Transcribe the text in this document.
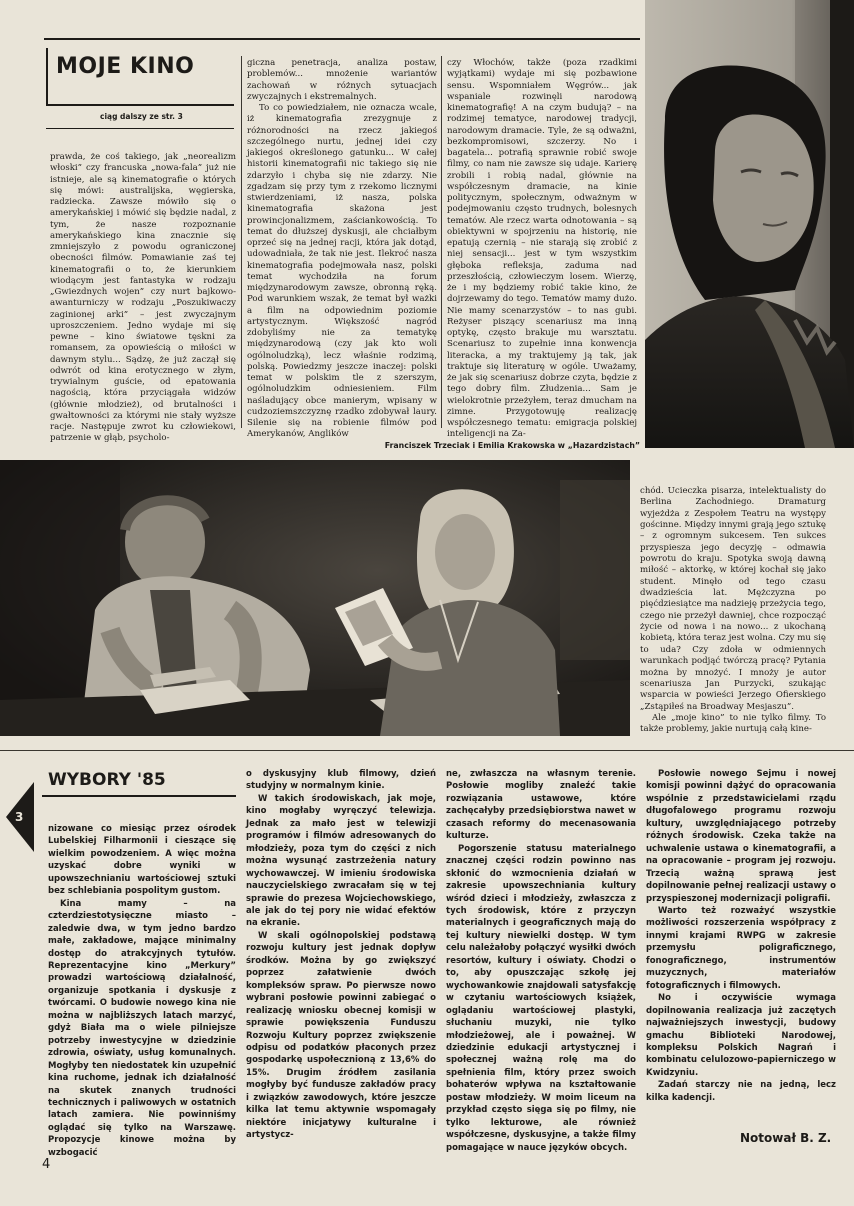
MOJE KINO
ciąg dalszy ze str. 3

prawda, że coś takiego, jak „neorealizm włoski” czy francuska „nowa-fala” już nie istnieje, ale są kinematografie o których się mówi: australijska, węgierska, radziecka. Zawsze mówiło się o amerykańskiej i mówić się będzie nadal, z tym, że nasze rozpoznanie amerykańskiego kina znacznie się zmniejszyło z powodu ograniczonej obecności filmów. Pomawianie zaś tej kinematografii o to, że kierunkiem wiodącym jest fantastyka w rodzaju „Gwiezdnych wojen” czy nurt bajkowo-awanturniczy w rodzaju „Poszukiwaczy zaginionej arki” – jest zwyczajnym uproszczeniem. Jedno wydaje mi się pewne – kino światowe tęskni za romansem, za opowieścią o miłości w dawnym stylu... Sądzę, że już zaczął się odwrót od kina erotycznego w złym, trywialnym guście, od epatowania nagością, która przyciągała widzów (głównie młodzież), od brutalności i gwałtowności za którymi nie stały wyższe racje. Następuje zwrot ku człowiekowi, patrzenie w głąb, psycholo-

giczna penetracja, analiza postaw, problemów... mnożenie wariantów zachowań w różnych sytuacjach zwyczajnych i ekstremalnych.

To co powiedziałem, nie oznacza wcale, iż kinematografia zrezygnuje z różnorodności na rzecz jakiegoś szczególnego nurtu, jednej idei czy jakiegoś określonego gatunku... W całej historii kinematografii nic takiego się nie zdarzyło i chyba się nie zdarzy. Nie zgadzam się przy tym z rzekomo licznymi stwierdzeniami, iż nasza, polska kinematografia skażona jest prowincjonalizmem, zaściankowością. To temat do dłuższej dyskusji, ale chciałbym oprzeć się na jednej racji, która jak dotąd, udowadniała, że tak nie jest. Ilekroć nasza kinematografia podejmowała nasz, polski temat wychodziła na forum międzynarodowym zawsze, obronną ręką. Pod warunkiem wszak, że temat był ważki a film na odpowiednim poziomie artystycznym. Większość nagród zdobyliśmy nie za tematykę międzynarodową (czy jak kto woli ogólnoludzką), lecz właśnie rodzimą, polską. Powiedzmy jeszcze inaczej: polski temat w polskim tle z szerszym, ogólnoludzkim odniesieniem. Film naśladujący obce manierym, wpisany w cudzoziemszczyznę rzadko zdobywał laury. Silenie się na robienie filmów pod Amerykanów, Anglików

czy Włochów, także (poza rzadkimi wyjątkami) wydaje mi się pozbawione sensu. Wspomniałem Węgrów... jak wspaniale rozwinęli narodową kinematografię! A na czym budują? – na rodzimej tematyce, narodowej tradycji, narodowym dramacie. Tyle, że są odważni, bezkompromisowi, szczerzy. No i bagatela... potrafią sprawnie robić swoje filmy, co nam nie zawsze się udaje. Karierę zrobili i robią nadal, głównie na współczesnym dramacie, na kinie politycznym, społecznym, odważnym w podejmowaniu często trudnych, bolesnych tematów. Ale rzecz warta odnotowania – są obiektywni w spojrzeniu na historię, nie epatują czernią – nie starają się zrobić z niej sensacji... jest w tym wszystkim głęboka refleksja, zaduma nad przeszłością, człowieczym losem. Wierzę, że i my będziemy robić takie kino, że dojrzewamy do tego. Tematów mamy dużo. Nie mamy scenarzystów – to nas gubi. Reżyser piszący scenariusz ma inną optykę, często brakuje mu warsztatu. Scenariusz to zupełnie inna konwencja literacka, a my traktujemy ją tak, jak traktuje się literaturę w ogóle. Uważamy, że jak się scenariusz dobrze czyta, będzie z tego dobry film. Złudzenia... Sam je wielokrotnie przeżyłem, teraz dmucham na zimne. Przygotowuję realizację współczesnego tematu: emigracja polskiej inteligencji na Za-

Franciszek Trzeciak i Emilia Krakowska w „Hazardzistach”

chód. Ucieczka pisarza, intelektualisty do Berlina Zachodniego. Dramaturg wyjeżdża z Zespołem Teatru na występy gościnne. Między innymi grają jego sztukę – z ogromnym sukcesem. Ten sukces przyspiesza jego decyzję – odmawia powrotu do kraju. Spotyka swoją dawną miłość – aktorkę, w której kochał się jako student. Minęło od tego czasu dwadzieścia lat. Mężczyzna po pięćdziesiątce ma nadzieję przeżycia tego, czego nie przeżył dawniej, chce rozpocząć życie od nowa i na nowo... z ukochaną kobietą, która teraz jest wolna. Czy mu się to uda? Czy zdoła w odmiennych warunkach podjąć twórczą pracę? Pytania można by mnożyć. I mnoży je autor scenariusza Jan Purzycki, szukając wsparcia w powieści Jerzego Ofierskiego „Zstąpiłeś na Broadway Mesjaszu”.

Ale „moje kino” to nie tylko filmy. To także problemy, jakie nurtują całą kine-

3
WYBORY '85

nizowane co miesiąc przez ośrodek Lubelskiej Filharmonii i cieszące się wielkim powodzeniem. A więc można uzyskać dobre wyniki w upowszechnianiu wartościowej sztuki bez schlebiania pospolitym gustom.

Kina mamy – na czterdziestotysięczne miasto – zaledwie dwa, w tym jedno bardzo małe, zakładowe, mające minimalny dostęp do atrakcyjnych tytułów. Reprezentacyjne kino „Merkury” prowadzi wartościową działalność, organizuje spotkania i dyskusje z twórcami. O budowie nowego kina nie można w najbliższych latach marzyć, gdyż Biała ma o wiele pilniejsze potrzeby inwestycyjne w dziedzinie zdrowia, oświaty, usług komunalnych. Mogłyby ten niedostatek kin uzupełnić kina ruchome, jednak ich działalność na skutek znanych trudności technicznych i paliwowych w ostatnich latach zamiera. Nie powinniśmy oglądać się tylko na Warszawę. Propozycje kinowe można by wzbogacić

o dyskusyjny klub filmowy, dzień studyjny w normalnym kinie.

W takich środowiskach, jak moje, kino mogłaby wyręczyć telewizja. Jednak za mało jest w telewizji programów i filmów adresowanych do młodzieży, poza tym do części z nich można wysunąć zastrzeżenia natury wychowawczej. W imieniu środowiska nauczycielskiego zwracałam się w tej sprawie do prezesa Wojciechowskiego, ale jak do tej pory nie widać efektów na ekranie.

W skali ogólnopolskiej podstawą rozwoju kultury jest jednak dopływ środków. Można by go zwiększyć poprzez załatwienie dwóch kompleksów spraw. Po pierwsze nowo wybrani posłowie powinni zabiegać o realizację wniosku obecnej komisji w sprawie powiększenia Funduszu Rozwoju Kultury poprzez zwiększenie odpisu od podatków płaconych przez gospodarkę uspołecznioną z 13,6% do 15%. Drugim źródłem zasilania mogłyby być fundusze zakładów pracy i związków zawodowych, które jeszcze kilka lat temu aktywnie wspomagały niektóre inicjatywy kulturalne i artystycz-

ne, zwłaszcza na własnym terenie. Posłowie mogliby znaleźć takie rozwiązania ustawowe, które zachęcałyby przedsiębiorstwa nawet w czasach reformy do mecenasowania kulturze.

Pogorszenie statusu materialnego znacznej części rodzin powinno nas skłonić do wzmocnienia działań w zakresie upowszechniania kultury wśród dzieci i młodzieży, zwłaszcza z tych środowisk, które z przyczyn materialnych i geograficznych mają do tej kultury niewielki dostęp. W tym celu należałoby połączyć wysiłki dwóch resortów, kultury i oświaty. Chodzi o to, aby opuszczając szkołę jej wychowankowie znajdowali satysfakcję w czytaniu wartościowych książek, oglądaniu wartościowej plastyki, słuchaniu muzyki, nie tylko młodzieżowej, ale i poważnej. W dziedzinie edukacji artystycznej i społecznej ważną rolę ma do spełnienia film, który przez swoich bohaterów wpływa na kształtowanie postaw młodzieży. W moim liceum na przykład często sięga się po filmy, nie tylko lekturowe, ale również współczesne, dyskusyjne, a także filmy pomagające w nauce języków obcych.

Posłowie nowego Sejmu i nowej komisji powinni dążyć do opracowania wspólnie z przedstawicielami rządu długofalowego programu rozwoju kultury, uwzględniającego potrzeby różnych środowisk. Czeka także na uchwalenie ustawa o kinematografii, a na opracowanie – program jej rozwoju. Trzecią ważną sprawą jest dopilnowanie pełnej realizacji ustawy o przyspieszonej modernizacji poligrafii.

Warto też rozważyć wszystkie możliwości rozszerzenia współpracy z innymi krajami RWPG w zakresie przemysłu poligraficznego, fonograficznego, instrumentów muzycznych, materiałów fotograficznych i filmowych.

No i oczywiście wymaga dopilnowania realizacja już zaczętych najważniejszych inwestycji, budowy gmachu Biblioteki Narodowej, kompleksu Polskich Nagrań i kombinatu celulozowo-papierniczego w Kwidzyniu.

Zadań starczy nie na jedną, lecz kilka kadencji.

Notował B. Z.
4
